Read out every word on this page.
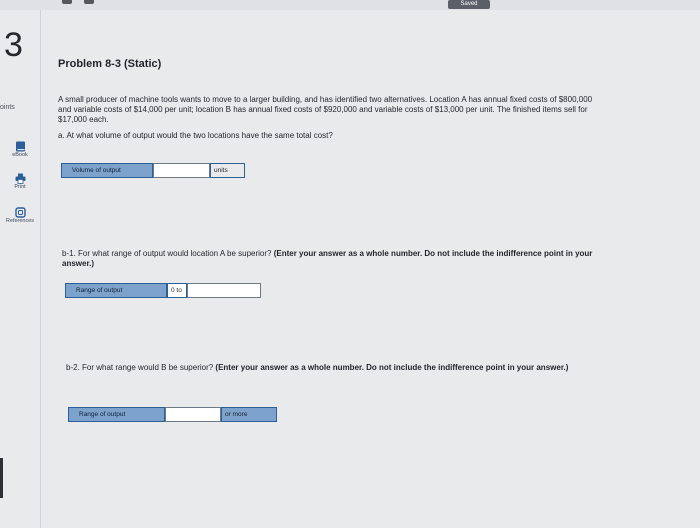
Saved
3
oints
eBook
Print
References
Problem 8-3 (Static)
A small producer of machine tools wants to move to a larger building, and has identified two alternatives. Location A has annual fixed costs of $800,000 and variable costs of $14,000 per unit; location B has annual fixed costs of $920,000 and variable costs of $13,000 per unit. The finished items sell for $17,000 each.
a. At what volume of output would the two locations have the same total cost?
Volume of output	units
b-1. For what range of output would location A be superior? (Enter your answer as a whole number. Do not include the indifference point in your answer.)
Range of output	0 to
b-2. For what range would B be superior? (Enter your answer as a whole number. Do not include the indifference point in your answer.)
Range of output	or more
